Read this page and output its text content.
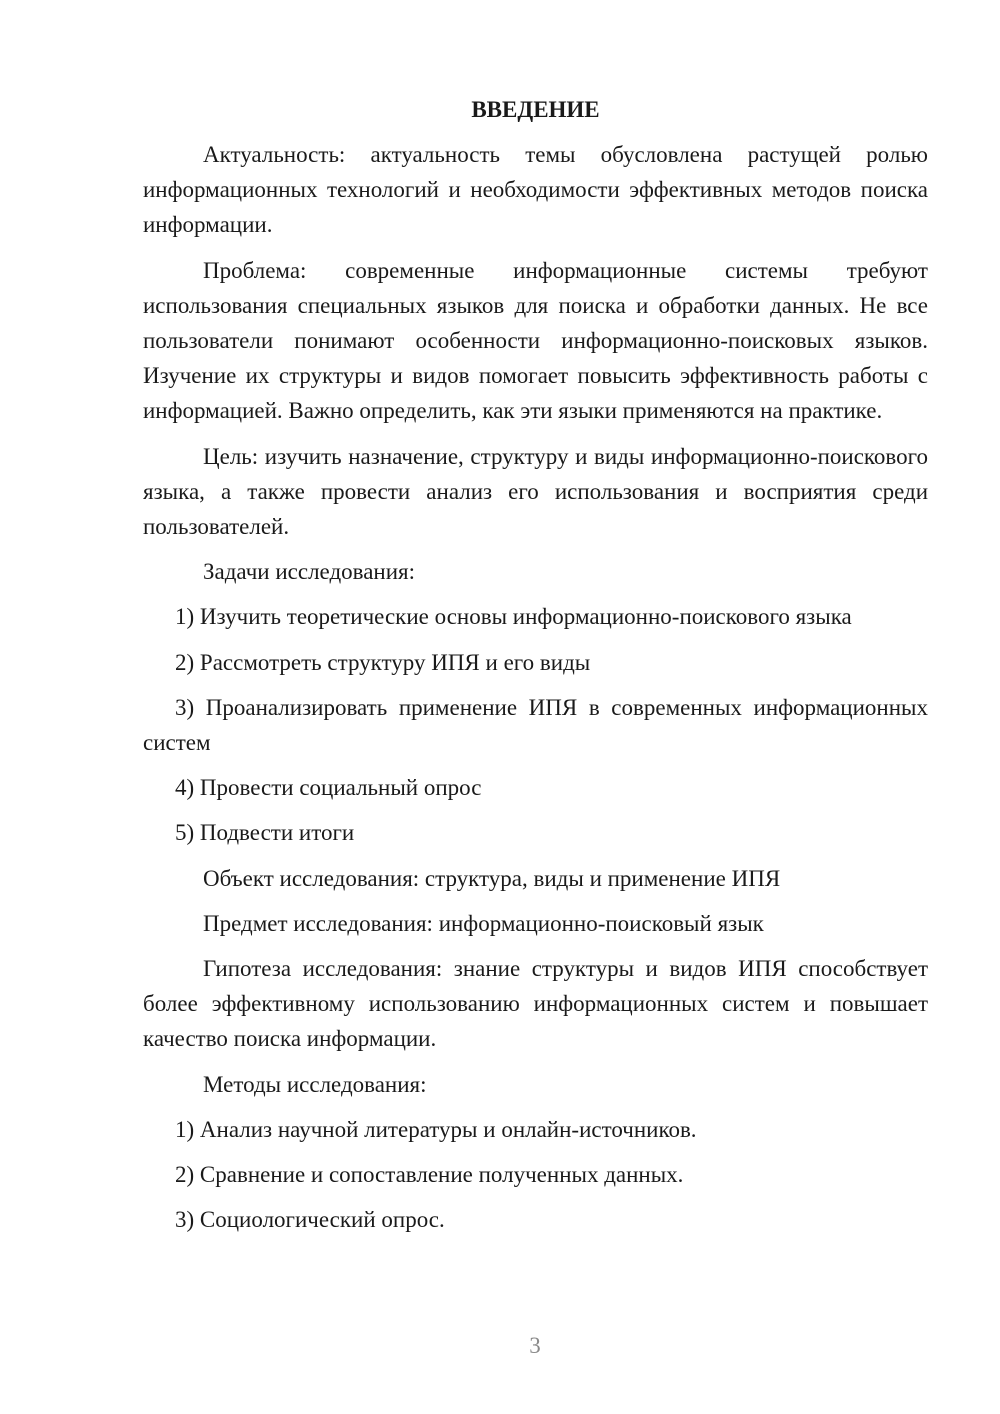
ВВЕДЕНИЕ

Актуальность: актуальность темы обусловлена растущей ролью информационных технологий и необходимости эффективных методов поиска информации.

Проблема: современные информационные системы требуют использования специальных языков для поиска и обработки данных. Не все пользователи понимают особенности информационно-поисковых языков. Изучение их структуры и видов помогает повысить эффективность работы с информацией. Важно определить, как эти языки применяются на практике.

Цель: изучить назначение, структуру и виды информационно-поискового языка, а также провести анализ его использования и восприятия среди пользователей.

Задачи исследования:

1) Изучить теоретические основы информационно-поискового языка

2) Рассмотреть структуру ИПЯ и его виды

3) Проанализировать применение ИПЯ в современных информационных систем

4) Провести социальный опрос

5) Подвести итоги

Объект исследования: структура, виды и применение ИПЯ

Предмет исследования: информационно-поисковый язык

Гипотеза исследования: знание структуры и видов ИПЯ способствует более эффективному использованию информационных систем и повышает качество поиска информации.

Методы исследования:

1) Анализ научной литературы и онлайн-источников.

2) Сравнение и сопоставление полученных данных.

3) Социологический опрос.

3
